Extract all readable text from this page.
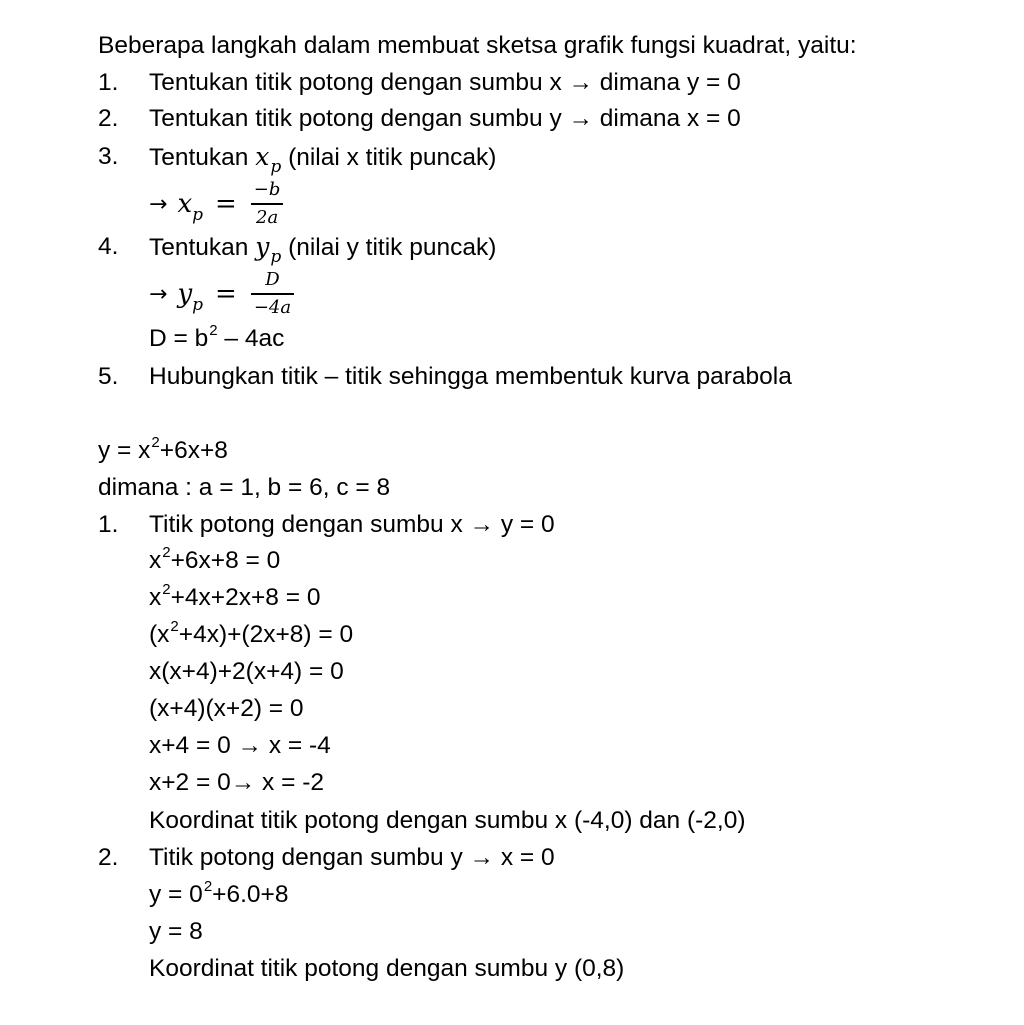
Beberapa langkah dalam membuat sketsa grafik fungsi kuadrat, yaitu:
1. Tentukan titik potong dengan sumbu x → dimana y = 0
2. Tentukan titik potong dengan sumbu y → dimana x = 0
3. Tentukan $x_p$ (nilai x titik puncak)
→ $x_p = \frac{-b}{2a}$
4. Tentukan $y_p$ (nilai y titik puncak)
→ $y_p = \frac{D}{-4a}$
$D = b^2 - 4ac$
5. Hubungkan titik – titik sehingga membentuk kurva parabola
$y = x^2+6x+8$
dimana : a = 1, b = 6, c = 8
1. Titik potong dengan sumbu x → y = 0
$x^2+6x+8 = 0$
$x^2+4x+2x+8 = 0$
$(x^2+4x)+(2x+8) = 0$
x(x+4)+2(x+4) = 0
(x+4)(x+2) = 0
x+4 = 0 → x = -4
x+2 = 0→ x = -2
Koordinat titik potong dengan sumbu x (-4,0) dan (-2,0)
2. Titik potong dengan sumbu y → x = 0
$y = 0^2+6.0+8$
y = 8
Koordinat titik potong dengan sumbu y (0,8)
